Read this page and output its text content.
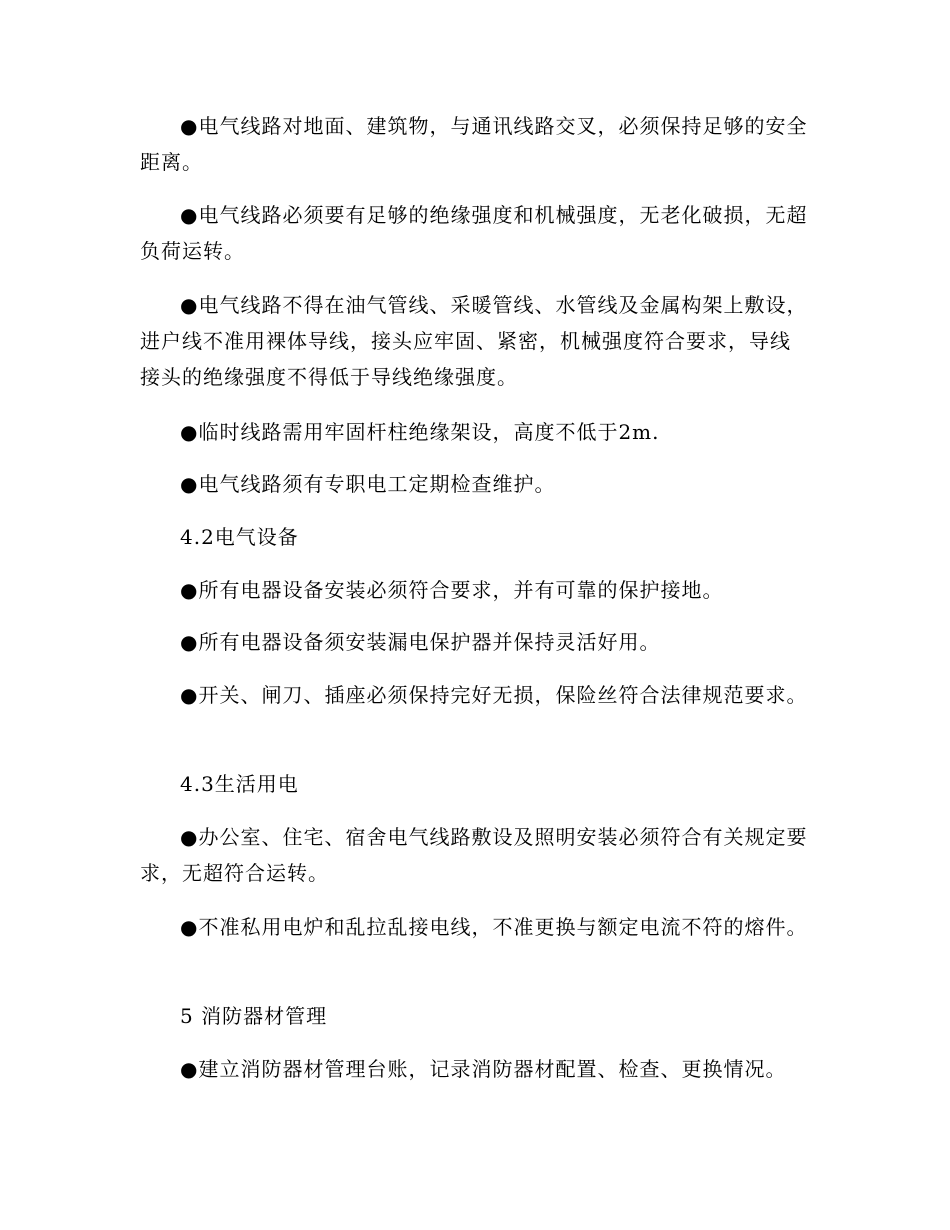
●电气线路对地面、建筑物，与通讯线路交叉，必须保持足够的安全距离。

●电气线路必须要有足够的绝缘强度和机械强度，无老化破损，无超负荷运转。

●电气线路不得在油气管线、采暖管线、水管线及金属构架上敷设，进户线不准用裸体导线，接头应牢固、紧密，机械强度符合要求，导线接头的绝缘强度不得低于导线绝缘强度。

●临时线路需用牢固杆柱绝缘架设，高度不低于2m.

●电气线路须有专职电工定期检查维护。

4.2电气设备

●所有电器设备安装必须符合要求，并有可靠的保护接地。

●所有电器设备须安装漏电保护器并保持灵活好用。

●开关、闸刀、插座必须保持完好无损，保险丝符合法律规范要求。

4.3生活用电

●办公室、住宅、宿舍电气线路敷设及照明安装必须符合有关规定要求，无超符合运转。

●不准私用电炉和乱拉乱接电线，不准更换与额定电流不符的熔件。

5 消防器材管理

●建立消防器材管理台账，记录消防器材配置、检查、更换情况。
